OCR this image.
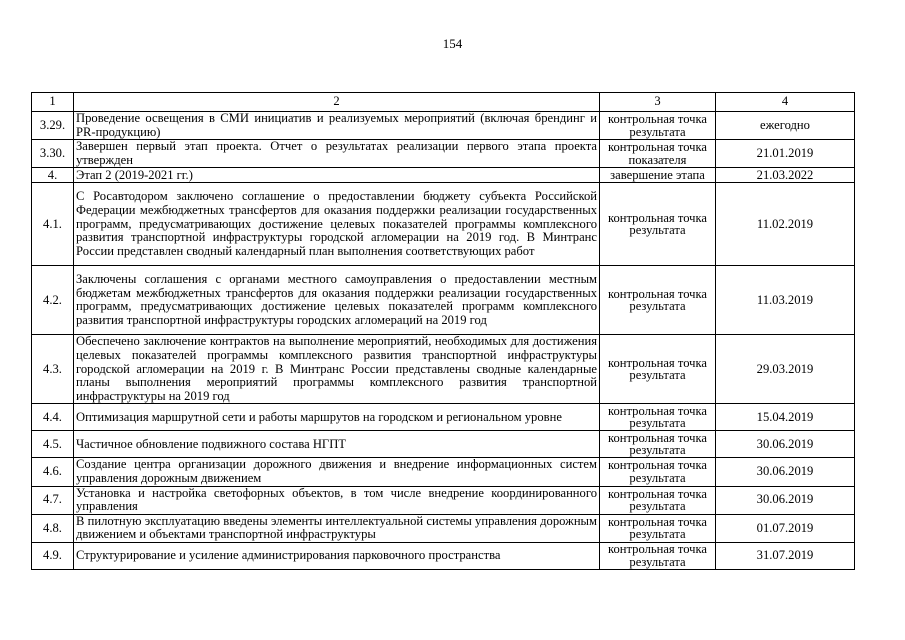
154
1	2	3	4
3.29.	Проведение освещения в СМИ инициатив и реализуемых мероприятий (включая брендинг и PR-продукцию)	контрольная точка результата	ежегодно
3.30.	Завершен первый этап проекта. Отчет о результатах реализации первого этапа проекта утвержден	контрольная точка показателя	21.01.2019
4.	Этап 2 (2019-2021 гг.)	завершение этапа	21.03.2022
4.1.	С Росавтодором заключено соглашение о предоставлении бюджету субъекта Российской Федерации межбюджетных трансфертов для оказания поддержки реализации государственных программ, предусматривающих достижение целевых показателей программы комплексного развития транспортной инфраструктуры городской агломерации на 2019 год. В Минтранс России представлен сводный календарный план выполнения соответствующих работ	контрольная точка результата	11.02.2019
4.2.	Заключены соглашения с органами местного самоуправления о предоставлении местным бюджетам межбюджетных трансфертов для оказания поддержки реализации государственных программ, предусматривающих достижение целевых показателей программ комплексного развития транспортной инфраструктуры городских агломераций на 2019 год	контрольная точка результата	11.03.2019
4.3.	Обеспечено заключение контрактов на выполнение мероприятий, необходимых для достижения целевых показателей программы комплексного развития транспортной инфраструктуры городской агломерации на 2019 г. В Минтранс России представлены сводные календарные планы выполнения мероприятий программы комплексного развития транспортной инфраструктуры на 2019 год	контрольная точка результата	29.03.2019
4.4.	Оптимизация маршрутной сети и работы маршрутов на городском и региональном уровне	контрольная точка результата	15.04.2019
4.5.	Частичное обновление подвижного состава НГПТ	контрольная точка результата	30.06.2019
4.6.	Создание центра организации дорожного движения и внедрение информационных систем управления дорожным движением	контрольная точка результата	30.06.2019
4.7.	Установка и настройка светофорных объектов, в том числе внедрение координированного управления	контрольная точка результата	30.06.2019
4.8.	В пилотную эксплуатацию введены элементы интеллектуальной системы управления дорожным движением и объектами транспортной инфраструктуры	контрольная точка результата	01.07.2019
4.9.	Структурирование и усиление администрирования парковочного пространства	контрольная точка результата	31.07.2019
